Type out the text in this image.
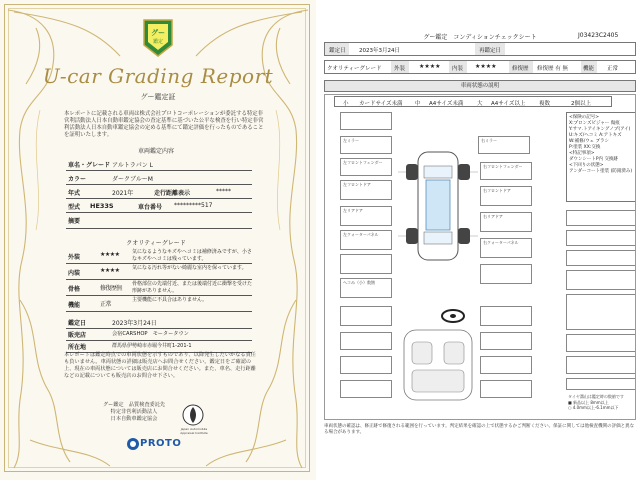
グー
鑑定
U-car Grading Report
グー鑑定証
本レポートに記載される車両は株式会社プロトコーポレーションが委託する特定非営利活動法人日本自動車鑑定協会の査定基準に基づいた公平な検査を行い特定非営利活動法人日本自動車鑑定協会の定める基準にて鑑定評価を行ったものであることを証明いたします。
車両鑑定内容
車名・グレード アルトラパン L
カラー	ダークブルーM
年式	2021年	走行距離表示	*****
型式 HE33S	車台番号 *********517
摘要
クオリティーグレード
外装	★★★★ 気になるようなキズやヘコミは補修済みですが、小さなキズやヘコミは残っています。
内装	★★★★ 気になる汚れ等がない綺麗な室内を保っています。
骨格	修復歴無
骨格部位の先端付近、または後端付近に衝撃を受けた形跡がありません。
機能	正常
主要機能に不具合はありません。
鑑定日	2023年3月24日
販売店	会宿CARSHOP　モータータウン
所在地	群馬県伊勢崎市赤堀今井町1-201-1
本レポートは鑑定時点での車両状態を示すものであり、以降発生したいかなる責任も負いません。車両状態の詳細は販売店へお問合せください。鑑定日をご確認の上、現在の車両状態については販売店にお問合せください。また、車名、走行距離などの記載についても販売店のお問合せ下さい。
グー鑑定　品質検査委託先
特定非営利活動法人
日本自動車鑑定協会
Japan Automobile Appraisal Institute
PROTO
グー鑑定　コンディションチェックシート	J03423C2405
鑑定日 2023年3月24日	再鑑定日
クオリティーグレード 外装 ★★★★ 内装 ★★★★	修復歴 修復歴 有 無	機能 正常
車両状態の説明
小 カードサイズ未満 中 A4サイズ未満 大 A4サイズ以上 複数	2個以上
<保険の記号>
X:プロンズビジャー 傷痕
Y:サマ.トアイキングノプ(アイ)
U:キズ/ヘコミ A:アトキズ
W:補修/ウェ ブラシ
P:塗装 XX:交換
<特記事項>
ダウンシートP内 交換跡
<下回りの状態>
アンダーコート塗装 (防錆済み)
左ミラー
左フロントフェンダー
左フロントドア
左リアドア
左クォーターパネル
ヘコみ（小）数箇
右ミラー
右フロントフェンダー
右フロントドア
右リアドア
右クォーターパネル
タイヤ溝山は鑑定時の数値です
■ 新品以上 8mm以上
○ 4.0mm以上-6.1mm以下
車両状態の確認は、修正跡で修復される範囲を行っています。判定結果を確認の上で状態するかご判断ください。保証に関しては他検査機関の評価と異なる場合があります。
